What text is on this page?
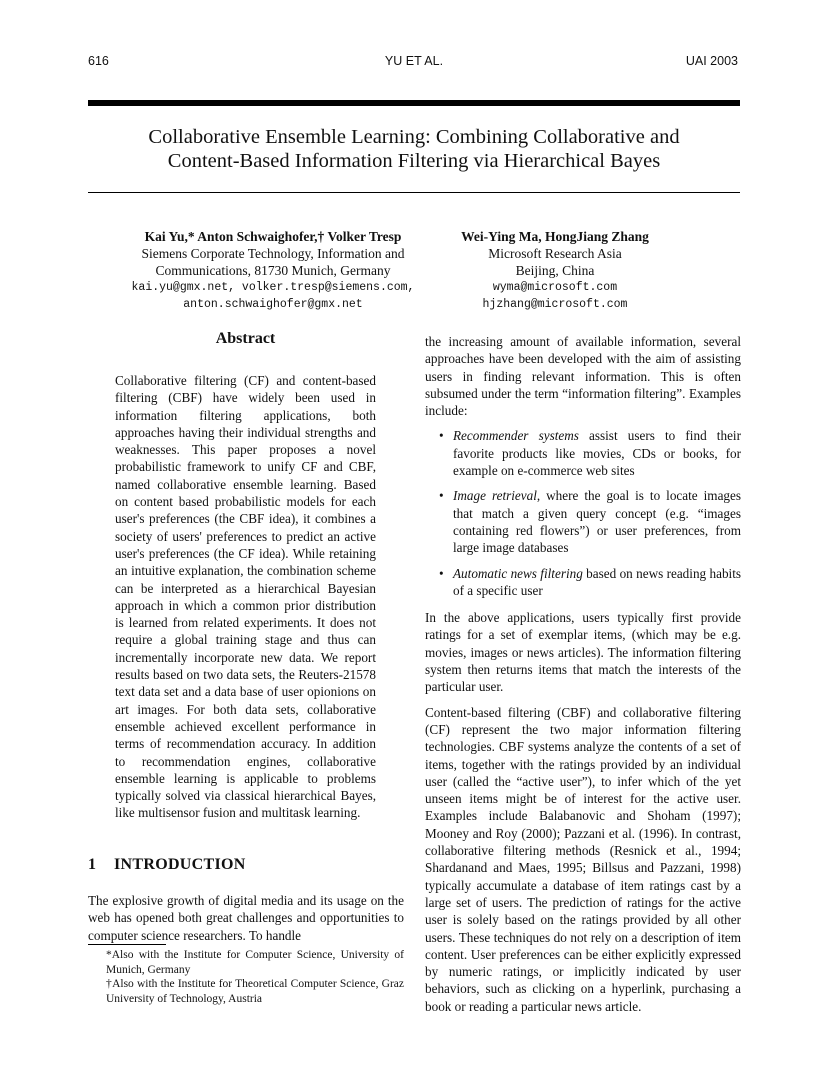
616	YU ET AL.	UAI 2003
Collaborative Ensemble Learning: Combining Collaborative and
Content-Based Information Filtering via Hierarchical Bayes
Kai Yu,* Anton Schwaighofer,† Volker Tresp
Siemens Corporate Technology, Information and
Communications, 81730 Munich, Germany
kai.yu@gmx.net, volker.tresp@siemens.com,
anton.schwaighofer@gmx.net
Wei-Ying Ma, HongJiang Zhang
Microsoft Research Asia
Beijing, China
wyma@microsoft.com
hjzhang@microsoft.com
Abstract
Collaborative filtering (CF) and content-based filtering (CBF) have widely been used in information filtering applications, both approaches having their individual strengths and weaknesses. This paper proposes a novel probabilistic framework to unify CF and CBF, named collaborative ensemble learning. Based on content based probabilistic models for each user's preferences (the CBF idea), it combines a society of users' preferences to predict an active user's preferences (the CF idea). While retaining an intuitive explanation, the combination scheme can be interpreted as a hierarchical Bayesian approach in which a common prior distribution is learned from related experiments. It does not require a global training stage and thus can incrementally incorporate new data. We report results based on two data sets, the Reuters-21578 text data set and a data base of user opionions on art images. For both data sets, collaborative ensemble achieved excellent performance in terms of recommendation accuracy. In addition to recommendation engines, collaborative ensemble learning is applicable to problems typically solved via classical hierarchical Bayes, like multisensor fusion and multitask learning.
1 INTRODUCTION
The explosive growth of digital media and its usage on the web has opened both great challenges and opportunities to computer science researchers. To handle

*Also with the Institute for Computer Science, University of Munich, Germany

†Also with the Institute for Theoretical Computer Science, Graz University of Technology, Austria

the increasing amount of available information, several approaches have been developed with the aim of assisting users in finding relevant information. This is often subsumed under the term “information filtering”. Examples include:

• Recommender systems assist users to find their favorite products like movies, CDs or books, for example on e-commerce web sites
• Image retrieval, where the goal is to locate images that match a given query concept (e.g. “images containing red flowers”) or user preferences, from large image databases
• Automatic news filtering based on news reading habits of a specific user

In the above applications, users typically first provide ratings for a set of exemplar items, (which may be e.g. movies, images or news articles). The information filtering system then returns items that match the interests of the particular user.

Content-based filtering (CBF) and collaborative filtering (CF) represent the two major information filtering technologies. CBF systems analyze the contents of a set of items, together with the ratings provided by an individual user (called the “active user”), to infer which of the yet unseen items might be of interest for the active user. Examples include Balabanovic and Shoham (1997); Mooney and Roy (2000); Pazzani et al. (1996). In contrast, collaborative filtering methods (Resnick et al., 1994; Shardanand and Maes, 1995; Billsus and Pazzani, 1998) typically accumulate a database of item ratings cast by a large set of users. The prediction of ratings for the active user is solely based on the ratings provided by all other users. These techniques do not rely on a description of item content. User preferences can be either explicitly expressed by numeric ratings, or implicitly indicated by user behaviors, such as clicking on a hyperlink, purchasing a book or reading a particular news article.
